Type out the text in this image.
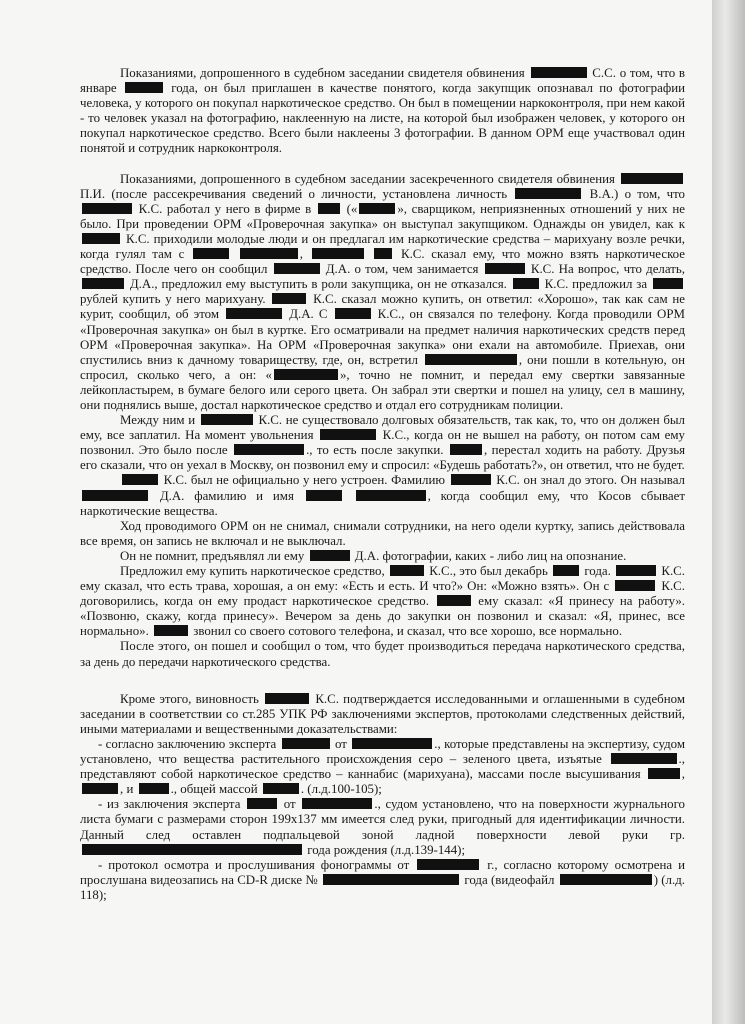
Показаниями, допрошенного в судебном заседании свидетеля обвинения	С.С. о том, что в январе	года, он был приглашен в качестве понятого, когда закупщик опознавал по фотографии человека, у которого он покупал наркотическое средство. Он был в помещении наркоконтроля, при нем какой - то человек указал на фотографию, наклеенную на листе, на которой был изображен человек, у которого он покупал наркотическое средство. Всего были наклеены 3 фотографии. В данном ОРМ еще участвовал один понятой и сотрудник наркоконтроля.
Показаниями, допрошенного в судебном заседании засекреченного свидетеля обвинения  П.И. (после рассекречивания сведений о личности, установлена личность	В.А.) о том, что  К.С. работал у него в фирме в  («	», сварщиком, неприязненных отношений у них не было. При проведении ОРМ «Проверочная закупка» он выступал закупщиком. Однажды он увидел, как к  К.С. приходили молодые люди и он предлагал им наркотические средства – марихуану возле речки, когда гулял там с	,	К.С. сказал ему, что можно взять наркотическое средство. После чего он сообщил	Д.А. о том, чем занимается	К.С. На вопрос, что делать,  Д.А., предложил ему выступить в роли закупщика, он не отказался.  К.С. предложил за  рублей купить у него марихуану.	К.С. сказал можно купить, он ответил: «Хорошо», так как сам не курит, сообщил, об этом	Д.А. С	К.С., он связался по телефону. Когда проводили ОРМ «Проверочная закупка» он был в куртке. Его осматривали на предмет наличия наркотических средств перед ОРМ «Проверочная закупка». На ОРМ «Проверочная закупка» они ехали на автомобиле. Приехав, они спустились вниз к дачному товариществу, где, он, встретил	, они пошли в котельную, он спросил, сколько чего, а он: «	», точно не помнит, и передал ему свертки завязанные лейкопластырем, в бумаге белого или серого цвета. Он забрал эти свертки и пошел на улицу, сел в машину, они поднялись выше, достал наркотическое средство и отдал его сотрудникам полиции.
Между ним и	К.С. не существовало долговых обязательств, так как, то, что он должен был ему, все заплатил. На момент увольнения	К.С., когда он не вышел на работу, он потом сам ему позвонил. Это было после	., то есть после закупки.	, перестал ходить на работу. Друзья его сказали, что он уехал в Москву, он позвонил ему и спросил: «Будешь работать?», он ответил, что не будет.
К.С. был не официально у него устроен. Фамилию	К.С. он знал до этого. Он называл  Д.А. фамилию и имя	, когда сообщил ему, что Косов сбывает наркотические вещества.
Ход проводимого ОРМ он не снимал, снимали сотрудники, на него одели куртку, запись действовала все время, он запись не включал и не выключал.
Он не помнит, предъявлял ли ему	Д.А. фотографии, каких - либо лиц на опознание.
Предложил ему купить наркотическое средство,	К.С., это был декабрь  года.	К.С. ему сказал, что есть трава, хорошая, а он ему: «Есть и есть. И что?» Он: «Можно взять». Он с	К.С. договорились, когда он ему продаст наркотическое средство.	ему сказал: «Я принесу на работу». «Позвоню, скажу, когда принесу». Вечером за день до закупки он позвонил и сказал: «Я, принес, все нормально».	звонил со своего сотового телефона, и сказал, что все хорошо, все нормально.
После этого, он пошел и сообщил о том, что будет производиться передача наркотического средства, за день до передачи наркотического средства.
Кроме этого, виновность	К.С. подтверждается исследованными и оглашенными в судебном заседании в соответствии со ст.285 УПК РФ заключениями экспертов, протоколами следственных действий, иными материалами и вещественными доказательствами:
- согласно заключению эксперта	от	., которые представлены на экспертизу, судом установлено, что вещества растительного происхождения серо – зеленого цвета, изъятые	., представляют собой наркотическое средство – каннабис (марихуана), массами после высушивания	, , и	., общей массой	. (л.д.100-105);
- из заключения эксперта	от	., судом установлено, что на поверхности журнального листа бумаги с размерами сторон 199х137 мм имеется след руки, пригодный для идентификации личности. Данный след оставлен подпальцевой зоной ладной поверхности левой руки гр.  года рождения (л.д.139-144);
- протокол осмотра и прослушивания фонограммы от	г., согласно которому осмотрена и прослушана видеозапись на CD-R диске №	года (видеофайл	) (л.д. 118);
